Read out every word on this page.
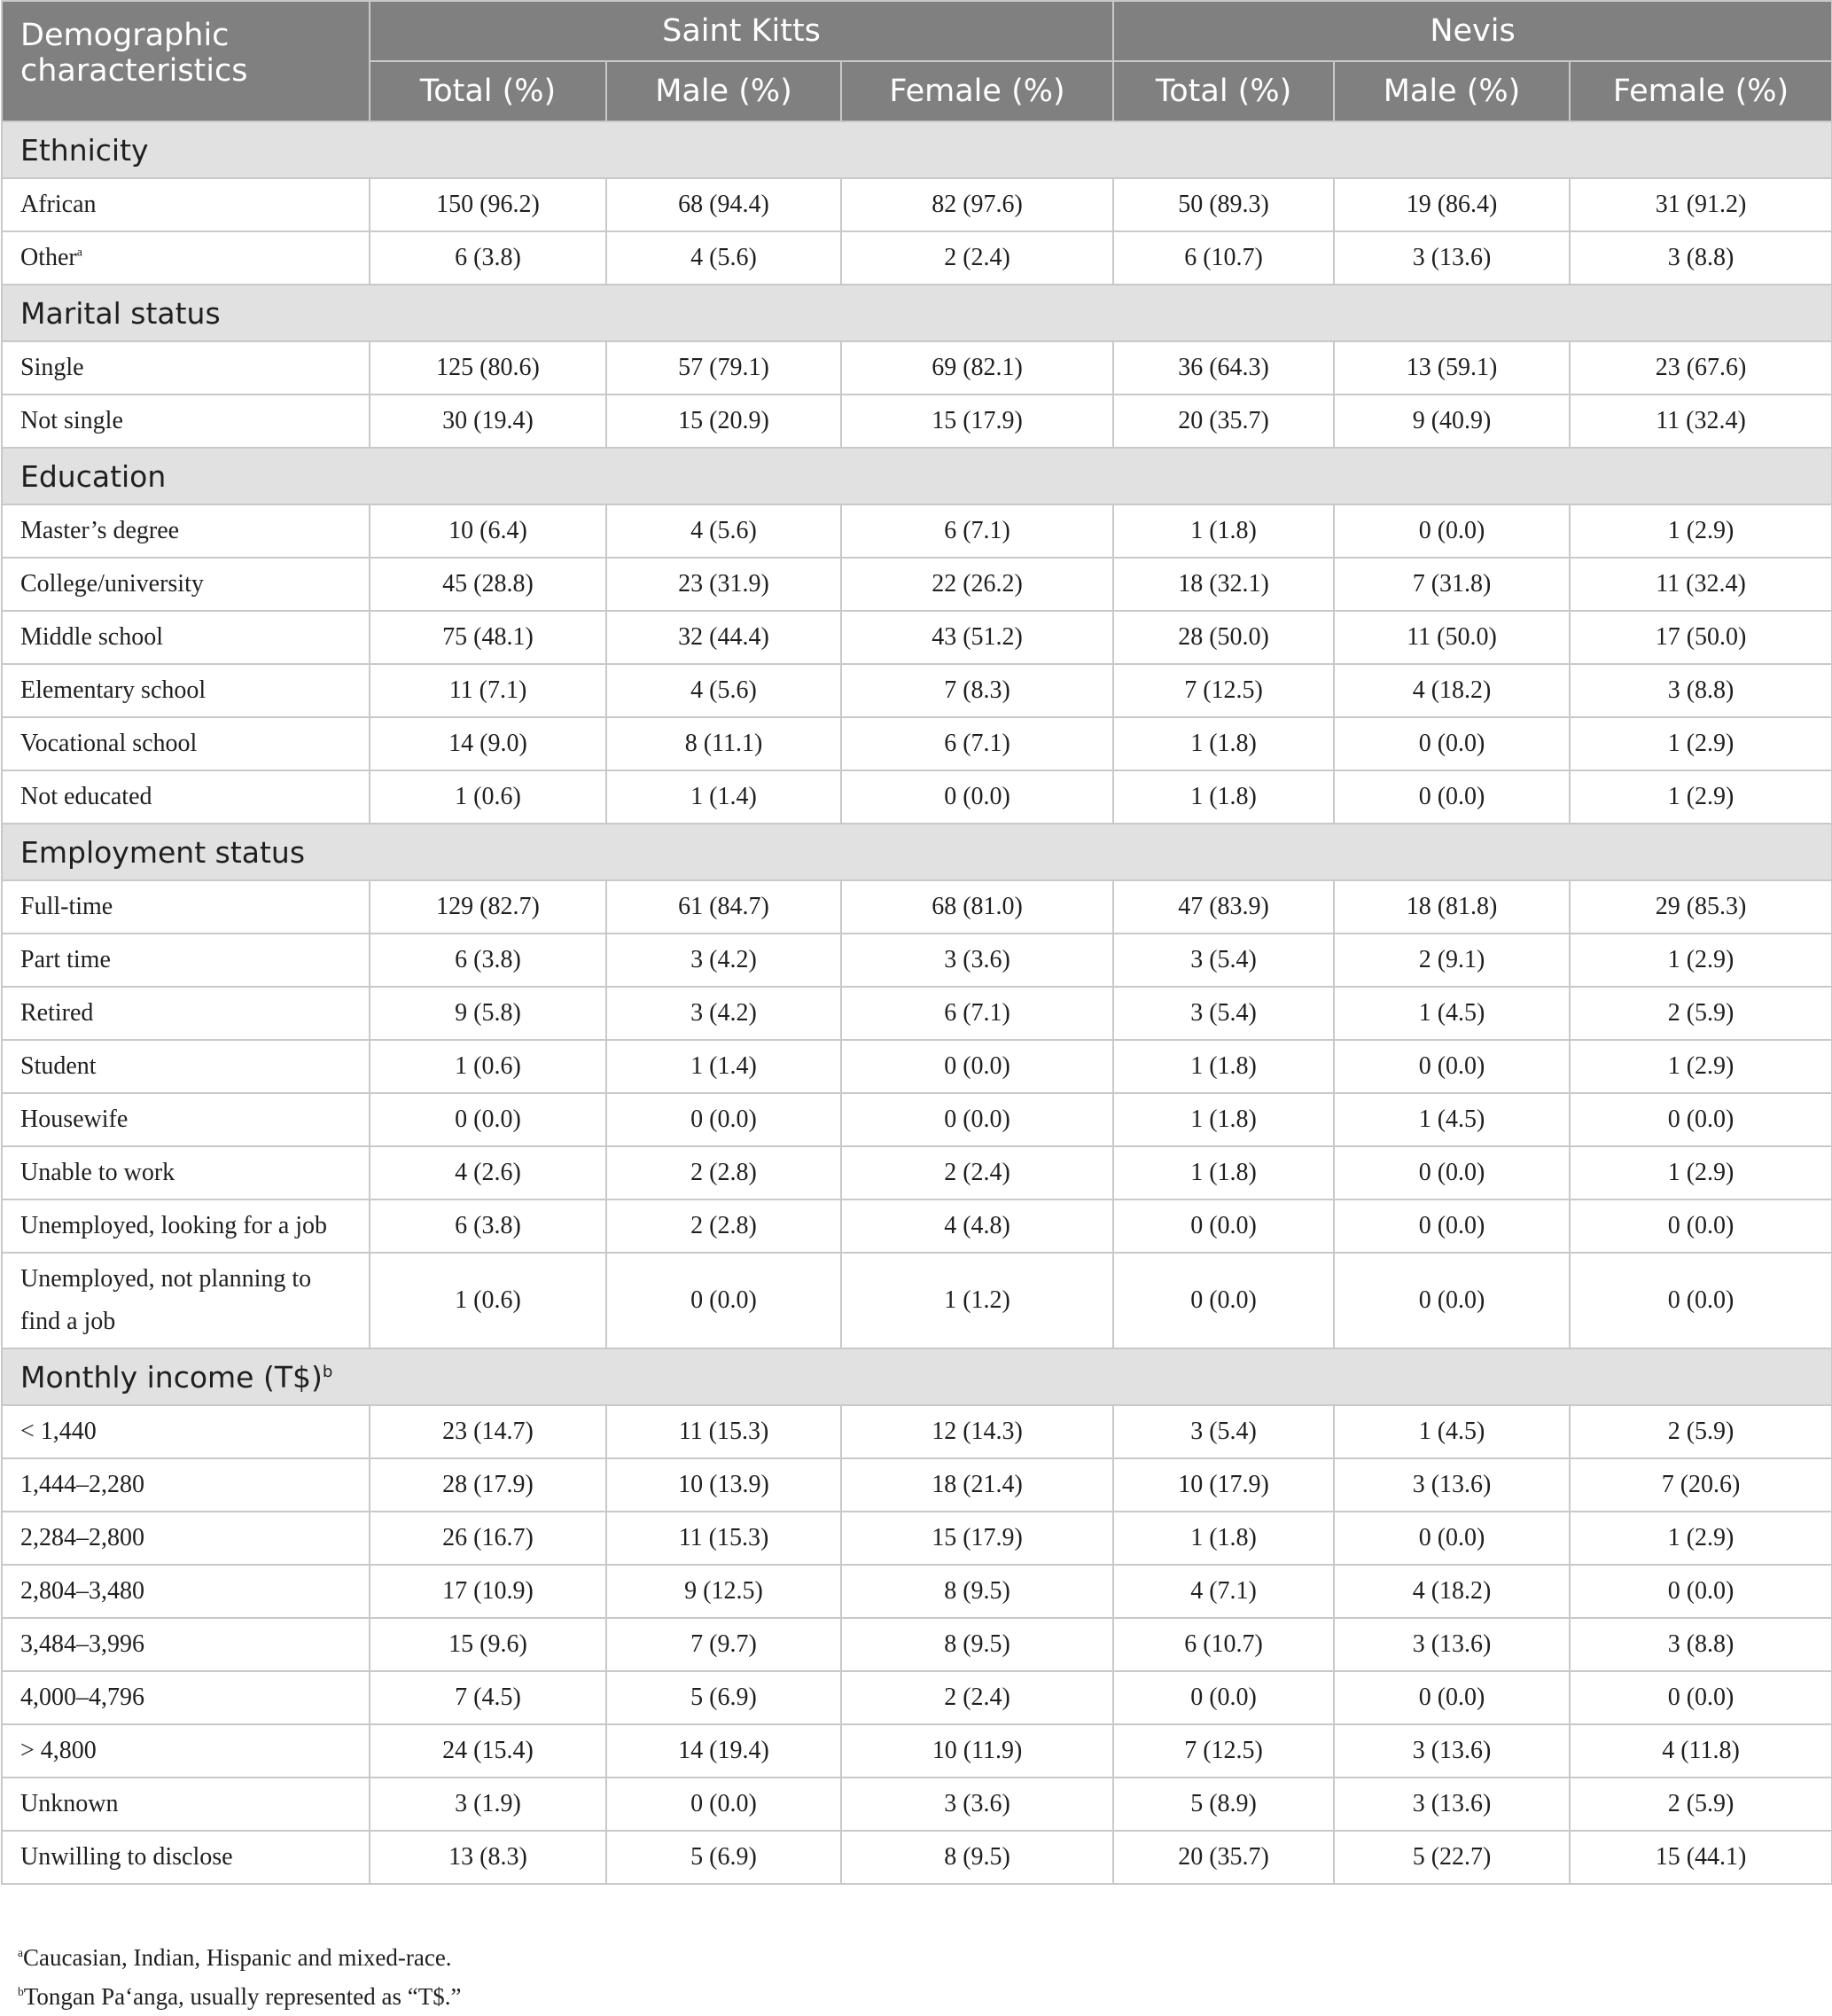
Demographic
characteristics	Saint Kitts			Nevis		
	Total (%)	Male (%)	Female (%)	Total (%)	Male (%)	Female (%)
Ethnicity						
African	150 (96.2)	68 (94.4)	82 (97.6)	50 (89.3)	19 (86.4)	31 (91.2)
Other$^a$	6 (3.8)	4 (5.6)	2 (2.4)	6 (10.7)	3 (13.6)	3 (8.8)
Marital status						
Single	125 (80.6)	57 (79.1)	69 (82.1)	36 (64.3)	13 (59.1)	23 (67.6)
Not single	30 (19.4)	15 (20.9)	15 (17.9)	20 (35.7)	9 (40.9)	11 (32.4)
Education						
Master’s degree	10 (6.4)	4 (5.6)	6 (7.1)	1 (1.8)	0 (0.0)	1 (2.9)
College/university	45 (28.8)	23 (31.9)	22 (26.2)	18 (32.1)	7 (31.8)	11 (32.4)
Middle school	75 (48.1)	32 (44.4)	43 (51.2)	28 (50.0)	11 (50.0)	17 (50.0)
Elementary school	11 (7.1)	4 (5.6)	7 (8.3)	7 (12.5)	4 (18.2)	3 (8.8)
Vocational school	14 (9.0)	8 (11.1)	6 (7.1)	1 (1.8)	0 (0.0)	1 (2.9)
Not educated	1 (0.6)	1 (1.4)	0 (0.0)	1 (1.8)	0 (0.0)	1 (2.9)
Employment status						
Full-time	129 (82.7)	61 (84.7)	68 (81.0)	47 (83.9)	18 (81.8)	29 (85.3)
Part time	6 (3.8)	3 (4.2)	3 (3.6)	3 (5.4)	2 (9.1)	1 (2.9)
Retired	9 (5.8)	3 (4.2)	6 (7.1)	3 (5.4)	1 (4.5)	2 (5.9)
Student	1 (0.6)	1 (1.4)	0 (0.0)	1 (1.8)	0 (0.0)	1 (2.9)
Housewife	0 (0.0)	0 (0.0)	0 (0.0)	1 (1.8)	1 (4.5)	0 (0.0)
Unable to work	4 (2.6)	2 (2.8)	2 (2.4)	1 (1.8)	0 (0.0)	1 (2.9)
Unemployed, looking for a job	6 (3.8)	2 (2.8)	4 (4.8)	0 (0.0)	0 (0.0)	0 (0.0)
Unemployed, not planning to
find a job	1 (0.6)	0 (0.0)	1 (1.2)	0 (0.0)	0 (0.0)	0 (0.0)
Monthly income (T$)$^b$
< 1,440	23 (14.7)	11 (15.3)	12 (14.3)	3 (5.4)	1 (4.5)	2 (5.9)
1,444–2,280	28 (17.9)	10 (13.9)	18 (21.4)	10 (17.9)	3 (13.6)	7 (20.6)
2,284–2,800	26 (16.7)	11 (15.3)	15 (17.9)	1 (1.8)	0 (0.0)	1 (2.9)
2,804–3,480	17 (10.9)	9 (12.5)	8 (9.5)	4 (7.1)	4 (18.2)	0 (0.0)
3,484–3,996	15 (9.6)	7 (9.7)	8 (9.5)	6 (10.7)	3 (13.6)	3 (8.8)
4,000–4,796	7 (4.5)	5 (6.9)	2 (2.4)	0 (0.0)	0 (0.0)	0 (0.0)
> 4,800	24 (15.4)	14 (19.4)	10 (11.9)	7 (12.5)	3 (13.6)	4 (11.8)
Unknown	3 (1.9)	0 (0.0)	3 (3.6)	5 (8.9)	3 (13.6)	2 (5.9)
Unwilling to disclose	13 (8.3)	5 (6.9)	8 (9.5)	20 (35.7)	5 (22.7)	15 (44.1)
$^a$Caucasian, Indian, Hispanic and mixed-race.
$^b$Tongan Pa‘anga, usually represented as “T$.”
